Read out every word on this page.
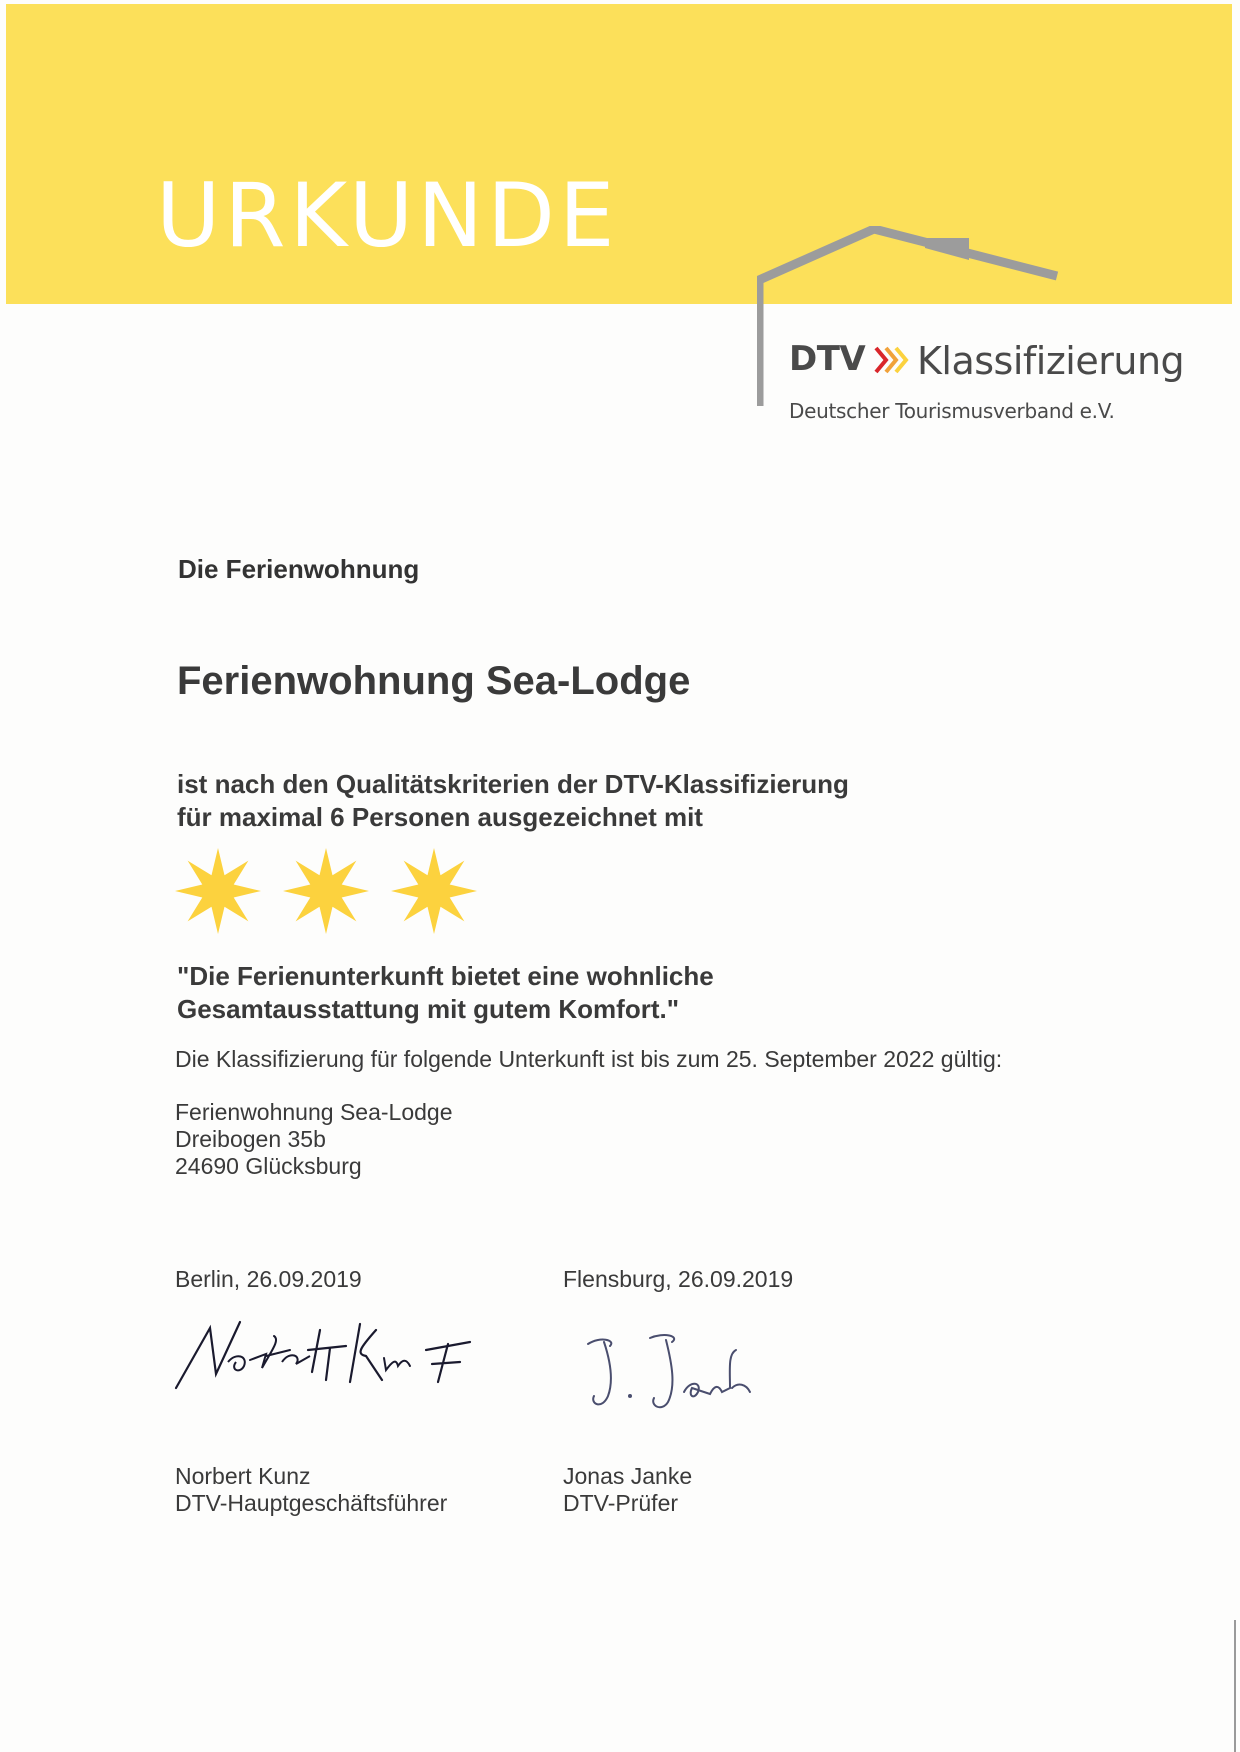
URKUNDE
DTV Klassifizierung
Deutscher Tourismusverband e.V.
Die Ferienwohnung
Ferienwohnung Sea-Lodge
ist nach den Qualitätskriterien der DTV-Klassifizierung
für maximal 6 Personen ausgezeichnet mit
"Die Ferienunterkunft bietet eine wohnliche
Gesamtausstattung mit gutem Komfort."
Die Klassifizierung für folgende Unterkunft ist bis zum 25. September 2022 gültig:
Ferienwohnung Sea-Lodge
Dreibogen 35b
24690 Glücksburg
Berlin, 26.09.2019	Flensburg, 26.09.2019
Norbert Kunz
DTV-Hauptgeschäftsführer
Jonas Janke
DTV-Prüfer
